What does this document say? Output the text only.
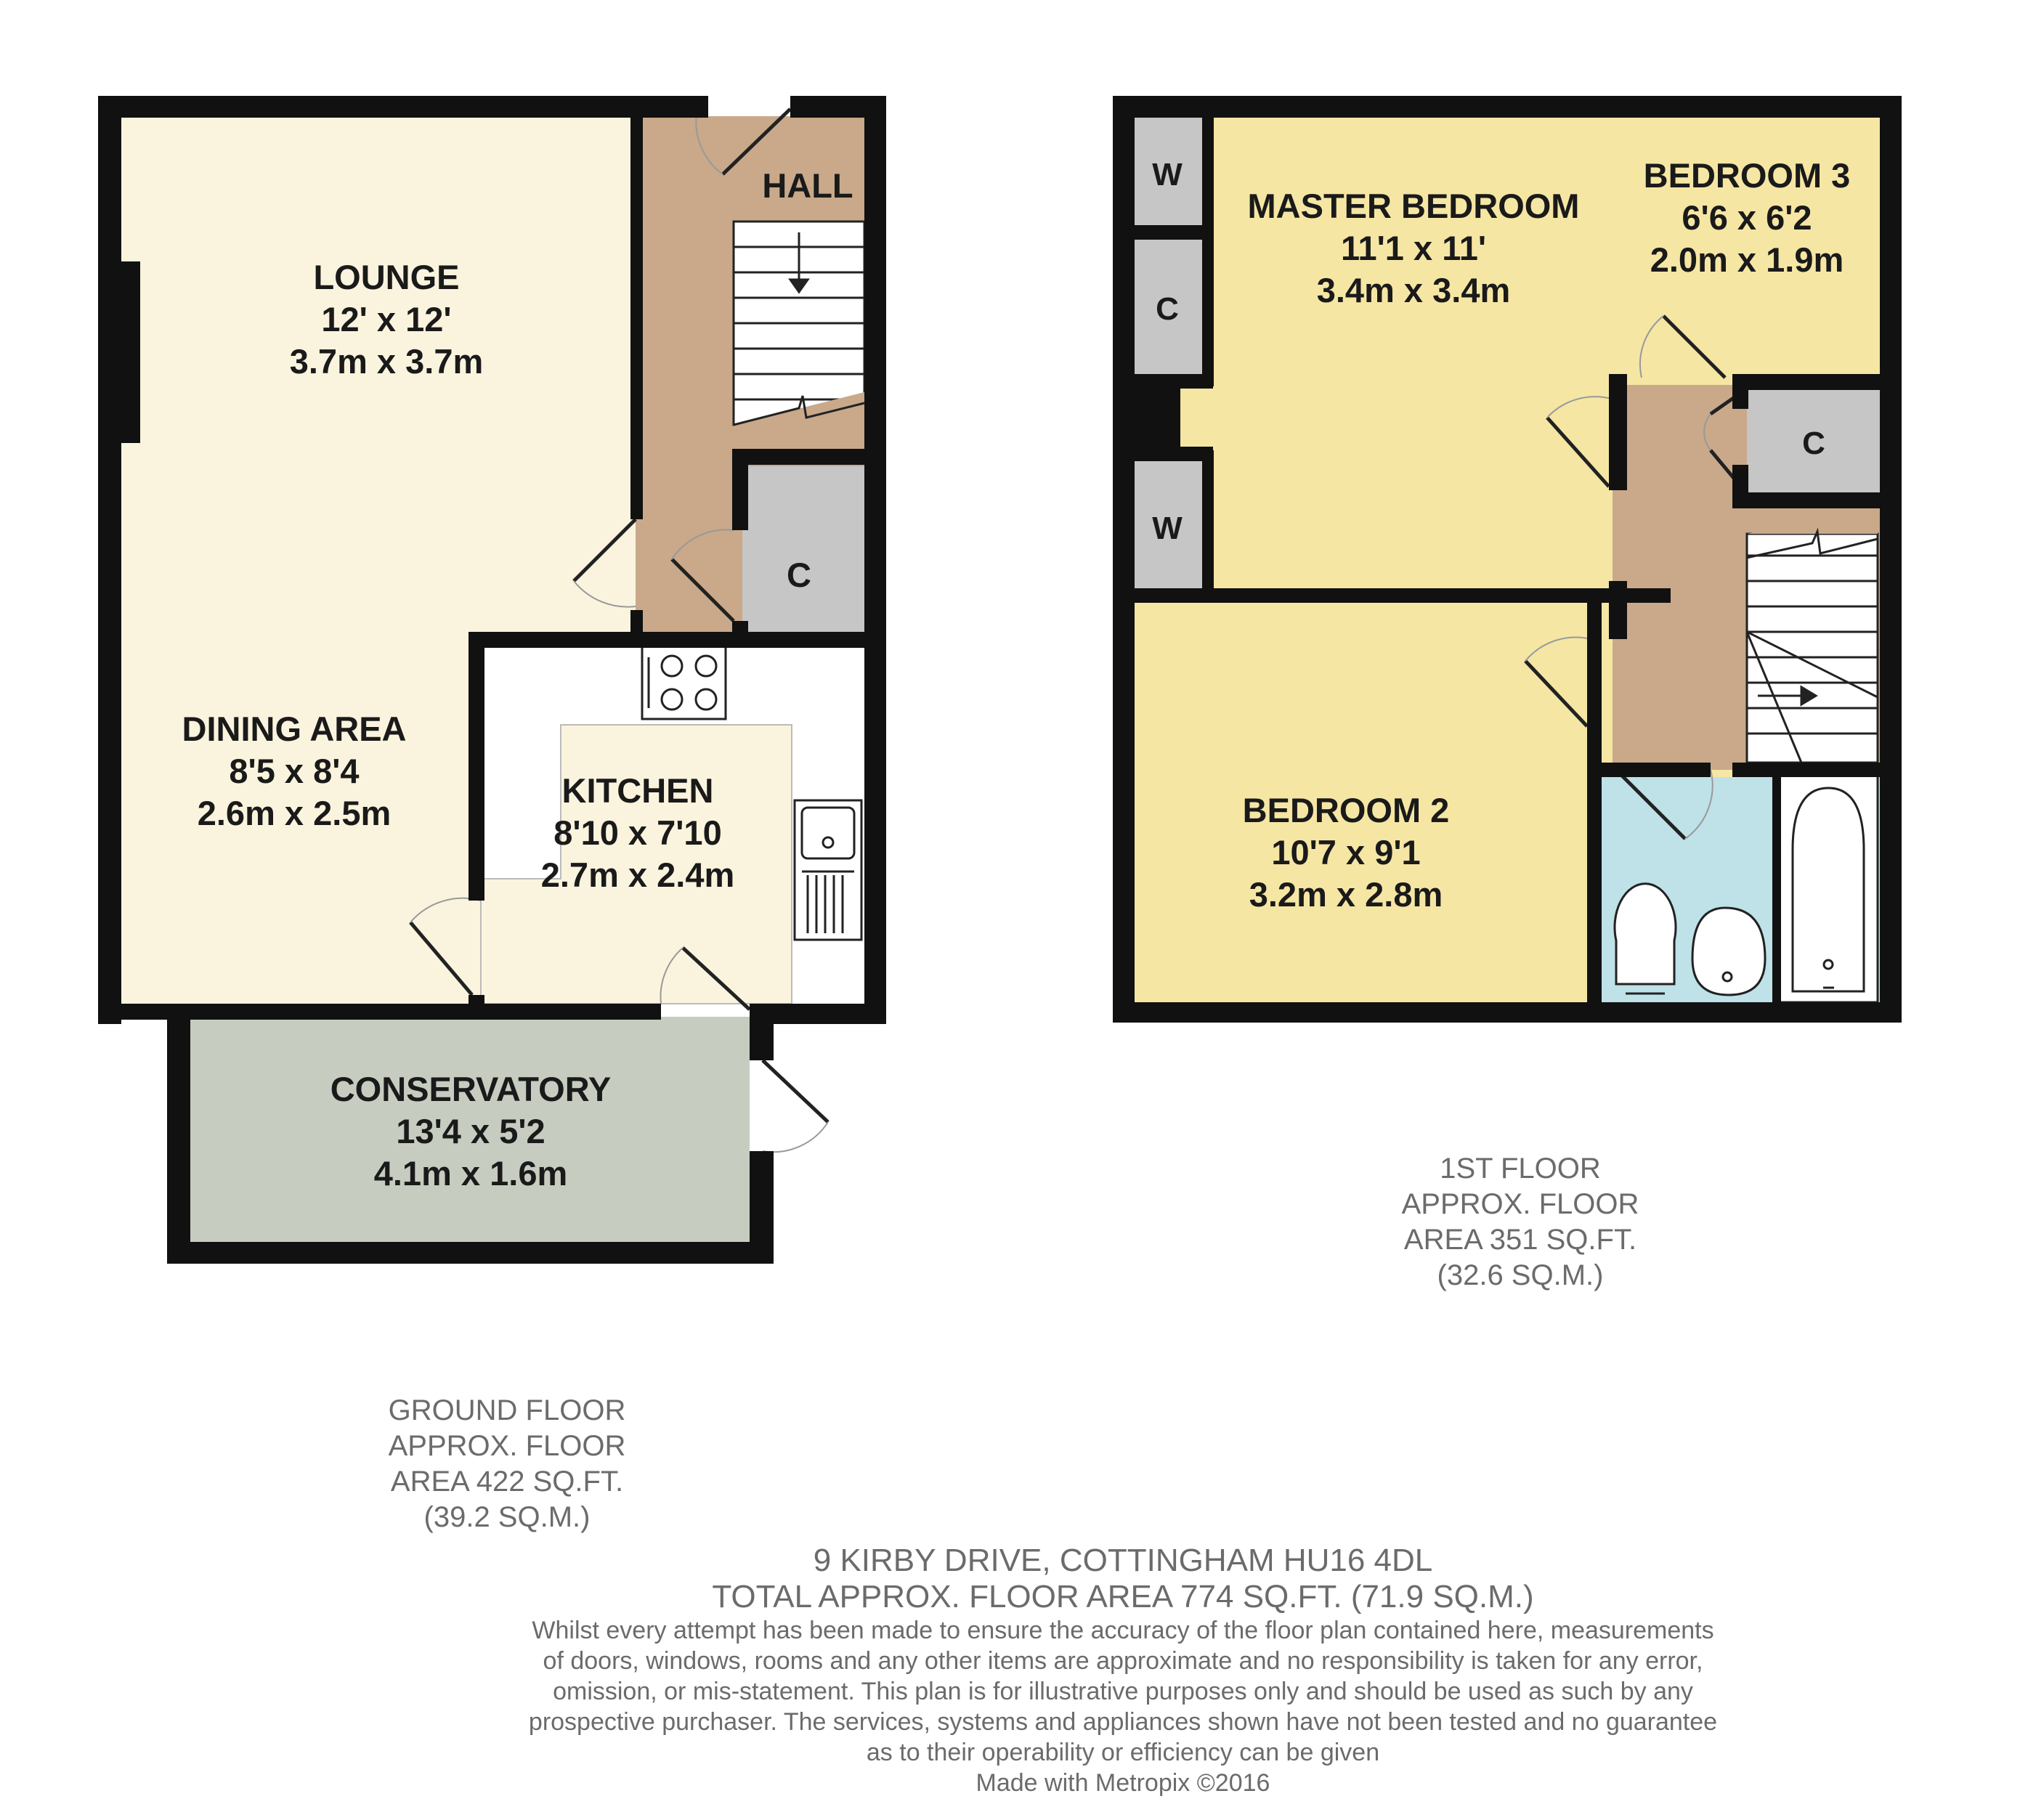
LOUNGE
12' x 12'
3.7m x 3.7m
HALL
C
DINING AREA
8'5 x 8'4
2.6m x 2.5m
KITCHEN
8'10 x 7'10
2.7m x 2.4m
CONSERVATORY
13'4 x 5'2
4.1m x 1.6m
W
C
W
C
MASTER BEDROOM
11'1 x 11'
3.4m x 3.4m
BEDROOM 3
6'6 x 6'2
2.0m x 1.9m
BEDROOM 2
10'7 x 9'1
3.2m x 2.8m
1ST FLOOR
APPROX. FLOOR
AREA 351 SQ.FT.
(32.6 SQ.M.)
GROUND FLOOR
APPROX. FLOOR
AREA 422 SQ.FT.
(39.2 SQ.M.)
9 KIRBY DRIVE, COTTINGHAM HU16 4DL
TOTAL APPROX. FLOOR AREA 774 SQ.FT. (71.9 SQ.M.)
Whilst every attempt has been made to ensure the accuracy of the floor plan contained here, measurements
of doors, windows, rooms and any other items are approximate and no responsibility is taken for any error,
omission, or mis-statement. This plan is for illustrative purposes only and should be used as such by any
prospective purchaser. The services, systems and appliances shown have not been tested and no guarantee
as to their operability or efficiency can be given
Made with Metropix ©2016
